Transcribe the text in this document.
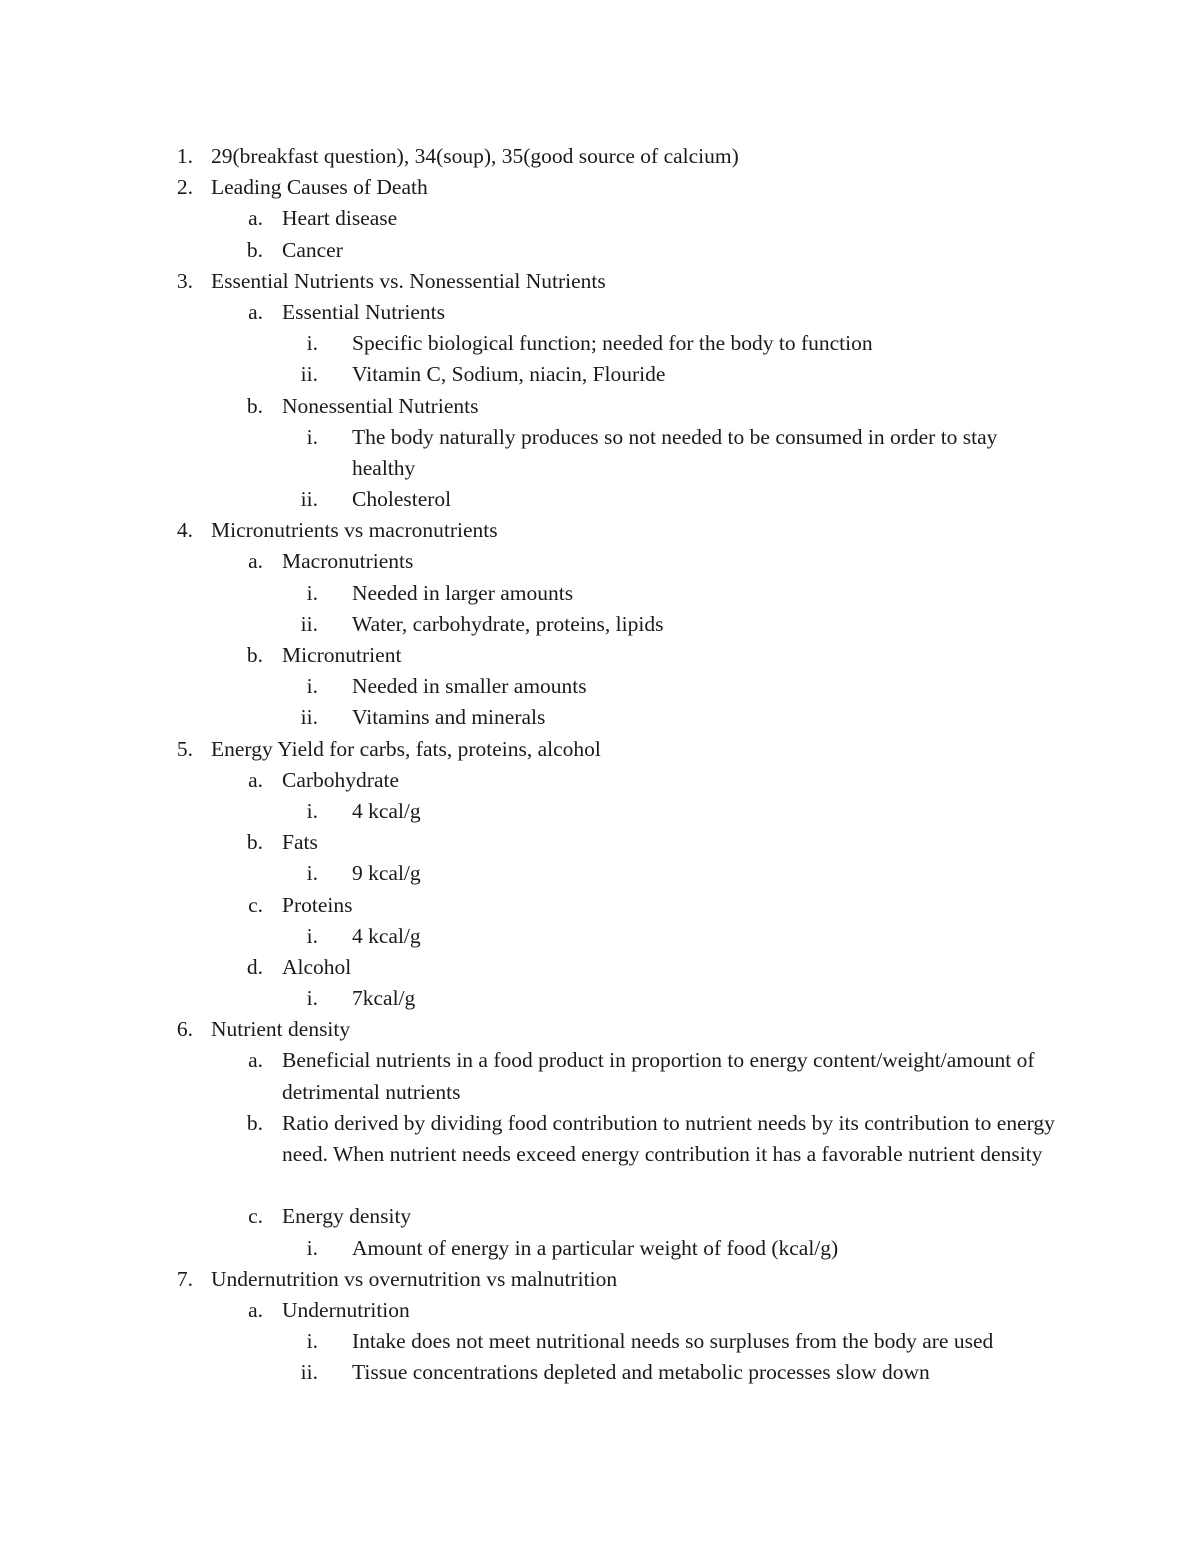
1. 29(breakfast question), 34(soup), 35(good source of calcium)
2. Leading Causes of Death
a. Heart disease
b. Cancer
3. Essential Nutrients vs. Nonessential Nutrients
a. Essential Nutrients
i. Specific biological function; needed for the body to function
ii. Vitamin C, Sodium, niacin, Flouride
b. Nonessential Nutrients
i. The body naturally produces so not needed to be consumed in order to stay healthy
ii. Cholesterol
4. Micronutrients vs macronutrients
a. Macronutrients
i. Needed in larger amounts
ii. Water, carbohydrate, proteins, lipids
b. Micronutrient
i. Needed in smaller amounts
ii. Vitamins and minerals
5. Energy Yield for carbs, fats, proteins, alcohol
a. Carbohydrate
i. 4 kcal/g
b. Fats
i. 9 kcal/g
c. Proteins
i. 4 kcal/g
d. Alcohol
i. 7kcal/g
6. Nutrient density
a. Beneficial nutrients in a food product in proportion to energy content/weight/amount of detrimental nutrients
b. Ratio derived by dividing food contribution to nutrient needs by its contribution to energy need. When nutrient needs exceed energy contribution it has a favorable nutrient density
c. Energy density
i. Amount of energy in a particular weight of food (kcal/g)
7. Undernutrition vs overnutrition vs malnutrition
a. Undernutrition
i. Intake does not meet nutritional needs so surpluses from the body are used
ii. Tissue concentrations depleted and metabolic processes slow down
